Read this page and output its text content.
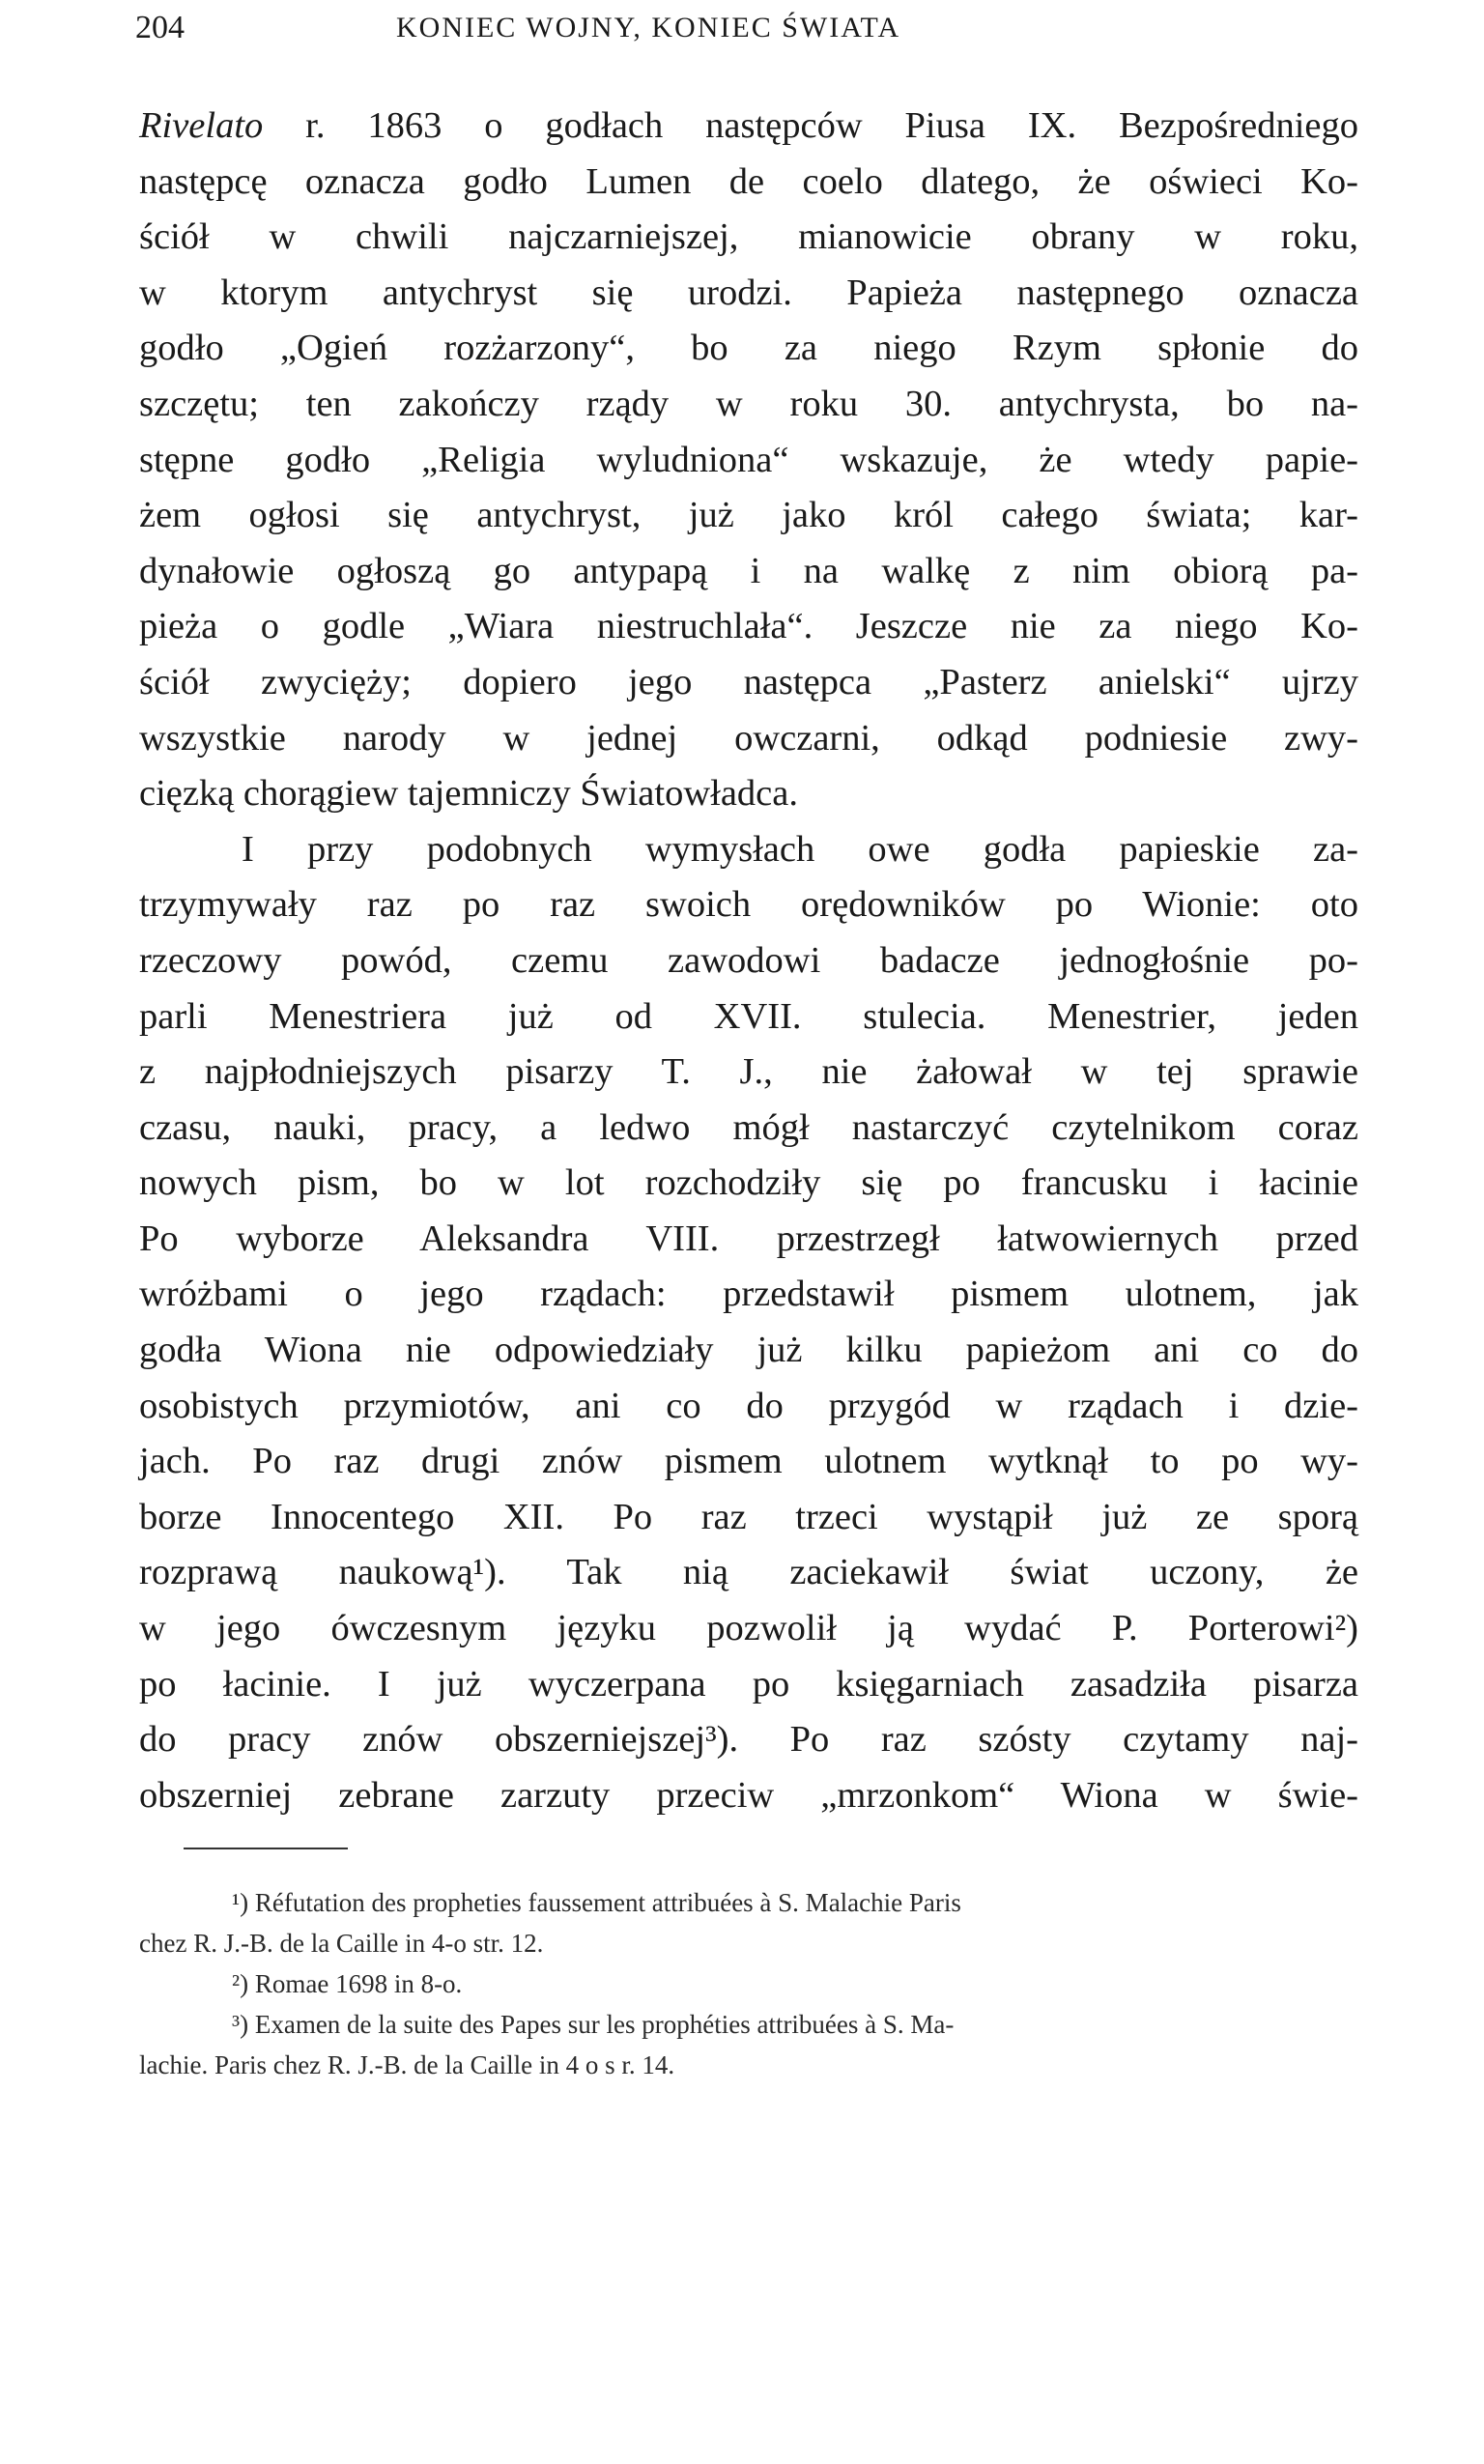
204	KONIEC WOJNY, KONIEC ŚWIATA
Rivelato r. 1863 o godłach następców Piusa IX. Bezpośredniego
następcę oznacza godło Lumen de coelo dlatego, że oświeci Ko-
ściół w chwili najczarniejszej, mianowicie obrany w roku,
w ktorym antychryst się urodzi. Papieża następnego oznacza
godło „Ogień rozżarzony“, bo za niego Rzym spłonie do
szczętu; ten zakończy rządy w roku 30. antychrysta, bo na-
stępne godło „Religia wyludniona“ wskazuje, że wtedy papie-
żem ogłosi się antychryst, już jako król całego świata; kar-
dynałowie ogłoszą go antypapą i na walkę z nim obiorą pa-
pieża o godle „Wiara niestruchlała“. Jeszcze nie za niego Ko-
ściół zwycięży; dopiero jego następca „Pasterz anielski“ ujrzy
wszystkie narody w jednej owczarni, odkąd podniesie zwy-
cięzką chorągiew tajemniczy Światowładca.
I przy podobnych wymysłach owe godła papieskie za-
trzymywały raz po raz swoich orędowników po Wionie: oto
rzeczowy powód, czemu zawodowi badacze jednogłośnie po-
parli Menestriera już od XVII. stulecia. Menestrier, jeden
z najpłodniejszych pisarzy T. J., nie żałował w tej sprawie
czasu, nauki, pracy, a ledwo mógł nastarczyć czytelnikom coraz
nowych pism, bo w lot rozchodziły się po francusku i łacinie
Po wyborze Aleksandra VIII. przestrzegł łatwowiernych przed
wróżbami o jego rządach: przedstawił pismem ulotnem, jak
godła Wiona nie odpowiedziały już kilku papieżom ani co do
osobistych przymiotów, ani co do przygód w rządach i dzie-
jach. Po raz drugi znów pismem ulotnem wytknął to po wy-
borze Innocentego XII. Po raz trzeci wystąpił już ze sporą
rozprawą naukową¹). Tak nią zaciekawił świat uczony, że
w jego ówczesnym języku pozwolił ją wydać P. Porterowi²)
po łacinie. I już wyczerpana po księgarniach zasadziła pisarza
do pracy znów obszerniejszej³). Po raz szósty czytamy naj-
obszerniej zebrane zarzuty przeciw „mrzonkom“ Wiona w świe-
¹) Réfutation des propheties faussement attribuées à S. Malachie Paris
chez R. J.-B. de la Caille in 4-o str. 12.
²) Romae 1698 in 8-o.
³) Examen de la suite des Papes sur les prophéties attribuées à S. Ma-
lachie. Paris chez R. J.-B. de la Caille in 4 o s r. 14.
